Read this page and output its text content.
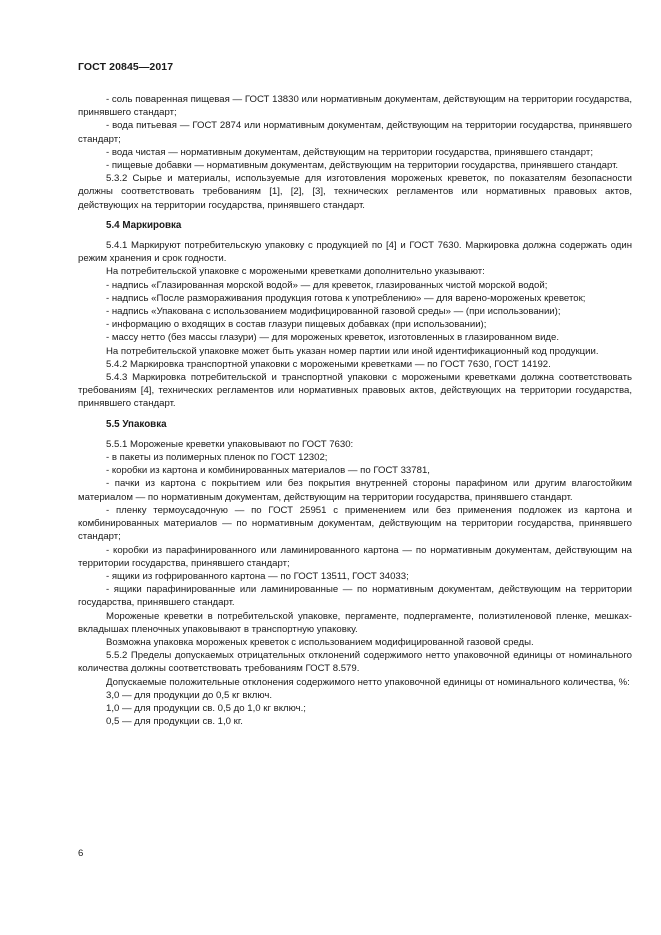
ГОСТ 20845—2017

- соль поваренная пищевая — ГОСТ 13830 или нормативным документам, действующим на территории государства, принявшего стандарт;

- вода питьевая — ГОСТ 2874 или нормативным документам, действующим на территории государства, принявшего стандарт;

- вода чистая — нормативным документам, действующим на территории государства, принявшего стандарт;

- пищевые добавки — нормативным документам, действующим на территории государства, принявшего стандарт.

5.3.2 Сырье и материалы, используемые для изготовления мороженых креветок, по показателям безопасности должны соответствовать требованиям [1], [2], [3], технических регламентов или нормативных правовых актов, действующих на территории государства, принявшего стандарт.

5.4 Маркировка

5.4.1 Маркируют потребительскую упаковку с продукцией по [4] и ГОСТ 7630. Маркировка должна содержать один режим хранения и срок годности.

На потребительской упаковке с морожеными креветками дополнительно указывают:

- надпись «Глазированная морской водой» — для креветок, глазированных чистой морской водой;

- надпись «После размораживания продукция готова к употреблению» — для варено-мороженых креветок;

- надпись «Упакована с использованием модифицированной газовой среды» — (при использовании);

- информацию о входящих в состав глазури пищевых добавках (при использовании);

- массу нетто (без массы глазури) — для мороженых креветок, изготовленных в глазированном виде.

На потребительской упаковке может быть указан номер партии или иной идентификационный код продукции.

5.4.2 Маркировка транспортной упаковки с морожеными креветками — по ГОСТ 7630, ГОСТ 14192.

5.4.3 Маркировка потребительской и транспортной упаковки с морожеными креветками должна соответствовать требованиям [4], технических регламентов или нормативных правовых актов, действующих на территории государства, принявшего стандарт.

5.5 Упаковка

5.5.1 Мороженые креветки упаковывают по ГОСТ 7630:

- в пакеты из полимерных пленок по ГОСТ 12302;

- коробки из картона и комбинированных материалов — по ГОСТ 33781,

- пачки из картона с покрытием или без покрытия внутренней стороны парафином или другим влагостойким материалом — по нормативным документам, действующим на территории государства, принявшего стандарт.

- пленку термоусадочную — по ГОСТ 25951 с применением или без применения подложек из картона и комбинированных материалов — по нормативным документам, действующим на территории государства, принявшего стандарт;

- коробки из парафинированного или ламинированного картона — по нормативным документам, действующим на территории государства, принявшего стандарт;

- ящики из гофрированного картона — по ГОСТ 13511, ГОСТ 34033;

- ящики парафинированные или ламинированные — по нормативным документам, действующим на территории государства, принявшего стандарт.

Мороженые креветки в потребительской упаковке, пергаменте, подпергаменте, полиэтиленовой пленке, мешках-вкладышах пленочных упаковывают в транспортную упаковку.

Возможна упаковка мороженых креветок с использованием модифицированной газовой среды.

5.5.2 Пределы допускаемых отрицательных отклонений содержимого нетто упаковочной единицы от номинального количества должны соответствовать требованиям ГОСТ 8.579.

Допускаемые положительные отклонения содержимого нетто упаковочной единицы от номинального количества, %:

3,0 — для продукции до 0,5 кг включ.

1,0 — для продукции св. 0,5 до 1,0 кг включ.;

0,5 — для продукции св. 1,0 кг.

6
